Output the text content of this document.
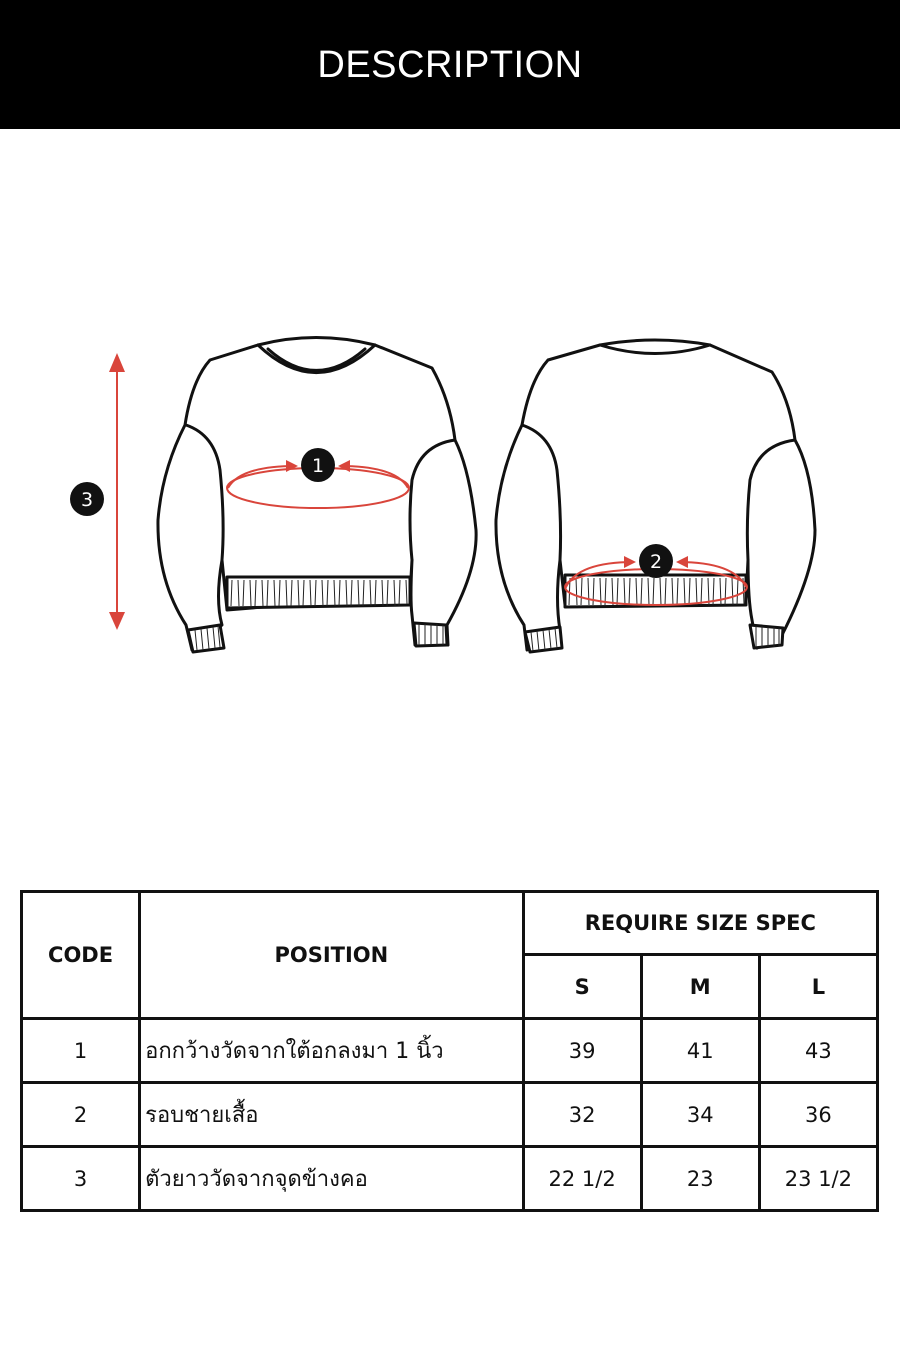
DESCRIPTION
1
2
3
CODE	POSITION	REQUIRE SIZE SPEC		
		S	M	L
1	อกกว้างวัดจากใต้อกลงมา 1 นิ้ว	39	41	43
2	รอบชายเสื้อ	32	34	36
3	ตัวยาววัดจากจุดข้างคอ	22 1/2	23	23 1/2
